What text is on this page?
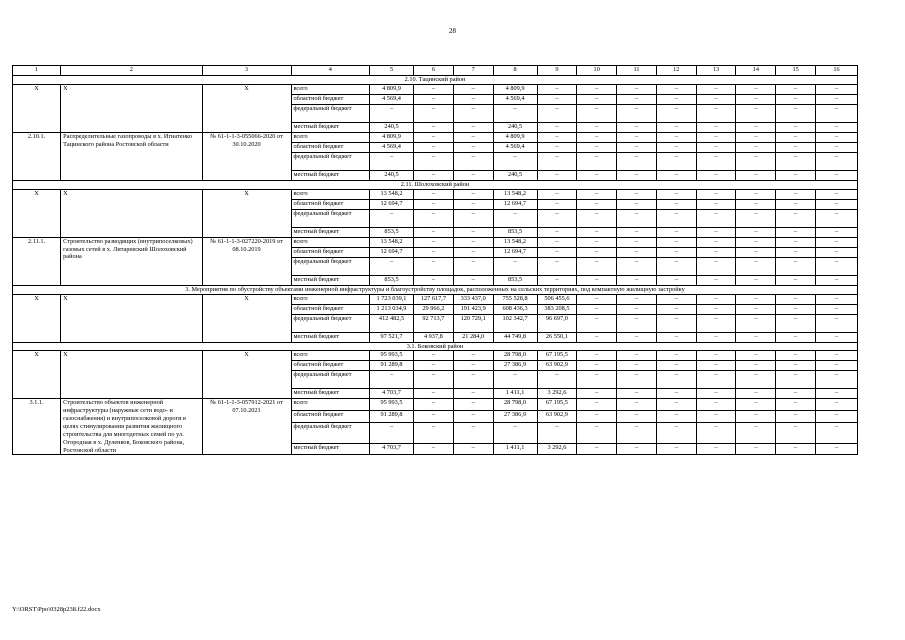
28
1	2	3	4	5	6	7	8	9	10	11	12	13	14	15	16
2.10. Тацинский район															
Х	Х	Х	всего	4 809,9	–	–	4 809,9	–	–	–	–	–	–	–	–
			областной бюджет	4 569,4	–	–	4 569,4	–	–	–	–	–	–	–	–
			федеральный бюджет	–	–	–	–	–	–	–	–	–	–	–	–
			местный бюджет	240,5	–	–	240,5	–	–	–	–	–	–	–	–
2.10.1.	Распределительные газопроводы в х. Игнатенко Тацинского района Ростовской области	№ 61-1-1-3-055066-2020 от 30.10.2020	всего	4 809,9	–	–	4 809,9	–	–	–	–	–	–	–	–
			областной бюджет	4 569,4	–	–	4 569,4	–	–	–	–	–	–	–	–
			федеральный бюджет	–	–	–	–	–	–	–	–	–	–	–	–
			местный бюджет	240,5	–	–	240,5	–	–	–	–	–	–	–	–
2.11. Шолоховский район															
Х	Х	Х	всего	13 548,2	–	–	13 548,2	–	–	–	–	–	–	–	–
			областной бюджет	12 694,7	–	–	12 694,7	–	–	–	–	–	–	–	–
			федеральный бюджет	–	–	–	–	–	–	–	–	–	–	–	–
			местный бюджет	853,5	–	–	853,5	–	–	–	–	–	–	–	–
2.11.1.	Строительство разводящих (внутрипоселковых) газовых сетей в х. Литаревский Шолоховский района	№ 61-1-1-3-027220-2019 от 08.10.2019	всего	13 548,2	–	–	13 548,2	–	–	–	–	–	–	–	–
			областной бюджет	12 694,7	–	–	12 694,7	–	–	–	–	–	–	–	–
			федеральный бюджет	–	–	–	–	–	–	–	–	–	–	–	–
			местный бюджет	853,5	–	–	853,5	–	–	–	–	–	–	–	–
3. Мероприятия по обустройству объектами инженерной инфраструктуры и благоустройству площадок, расположенных на сельских территориях, под компактную жилищную застройку															
Х	Х	Х	всего	1 723 039,1	127 617,7	333 437,0	755 528,8	506 455,6	–	–	–	–	–	–	–
			областной бюджет	1 213 034,9	29 966,2	191 423,9	608 436,3	383 208,5	–	–	–	–	–	–	–
			федеральный бюджет	412 482,5	92 713,7	120 729,1	102 342,7	96 697,0	–	–	–	–	–	–	–
			местный бюджет	97 521,7	4 937,8	21 284,0	44 749,8	26 550,1	–	–	–	–	–	–	–
3.1. Боковский район															
Х	Х	Х	всего	95 993,5	–	–	28 798,0	67 195,5	–	–	–	–	–	–	–
			областной бюджет	91 289,8	–	–	27 386,9	63 902,9	–	–	–	–	–	–	–
			федеральный бюджет	–	–	–	–	–	–	–	–	–	–	–	–
			местный бюджет	4 703,7	–	–	1 411,1	3 292,6	–	–	–	–	–	–	–
3.1.1.	Строительство объектов инженерной инфраструктуры (наружные сети водо- и газоснабжения) и внутрипоселковой дороги в целях стимулирования развития жилищного строительства для многодетных семей по ул. Огородная в х. Дуленков, Боковского района, Ростовской области	№ 61-1-1-3-057912-2021 от 07.10.2021	всего	95 993,5	–	–	28 798,0	67 195,5	–	–	–	–	–	–	–
			областной бюджет	91 289,8	–	–	27 386,9	63 902,9	–	–	–	–	–	–	–
			федеральный бюджет	–	–	–	–	–	–	–	–	–	–	–	–
			местный бюджет	4 703,7	–	–	1 411,1	3 292,6	–	–	–	–	–	–	–
Y:\ORST\Ppo\0328p238.f22.docx
